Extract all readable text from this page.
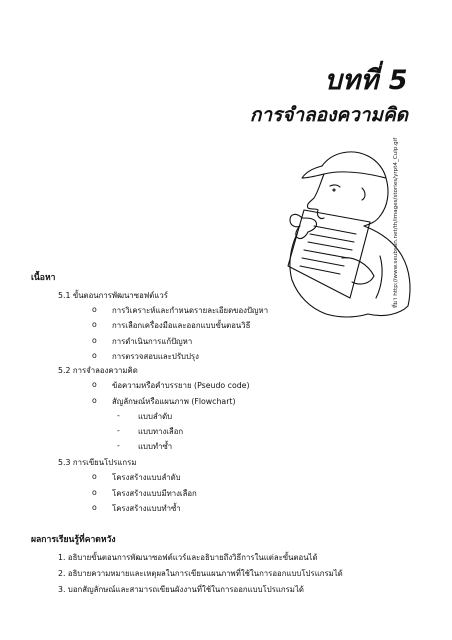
บทที่ 5
การจำลองความคิด
ที่มา http://www.seubsan.net/th/images/stories/yrpt4_Culp.gif
เนื้อหา
5.1 ขั้นตอนการพัฒนาซอฟต์แวร์
o การวิเคราะห์และกำหนดรายละเอียดของปัญหา
o การเลือกเครื่องมือและออกแบบขั้นตอนวิธี
o การดำเนินการแก้ปัญหา
o การตรวจสอบและปรับปรุง
5.2 การจำลองความคิด
o ข้อความหรือคำบรรยาย (Pseudo code)
o สัญลักษณ์หรือแผนภาพ (Flowchart)
- แบบลำดับ
- แบบทางเลือก
- แบบทำซ้ำ
5.3 การเขียนโปรแกรม
o โครงสร้างแบบลำดับ
o โครงสร้างแบบมีทางเลือก
o โครงสร้างแบบทำซ้ำ
ผลการเรียนรู้ที่คาดหวัง
1. อธิบายขั้นตอนการพัฒนาซอฟต์แวร์และอธิบายถึงวิธีการในแต่ละขั้นตอนได้
2. อธิบายความหมายและเหตุผลในการเขียนแผนภาพที่ใช้ในการออกแบบโปรแกรมได้
3. บอกสัญลักษณ์และสามารถเขียนผังงานที่ใช้ในการออกแบบโปรแกรมได้
